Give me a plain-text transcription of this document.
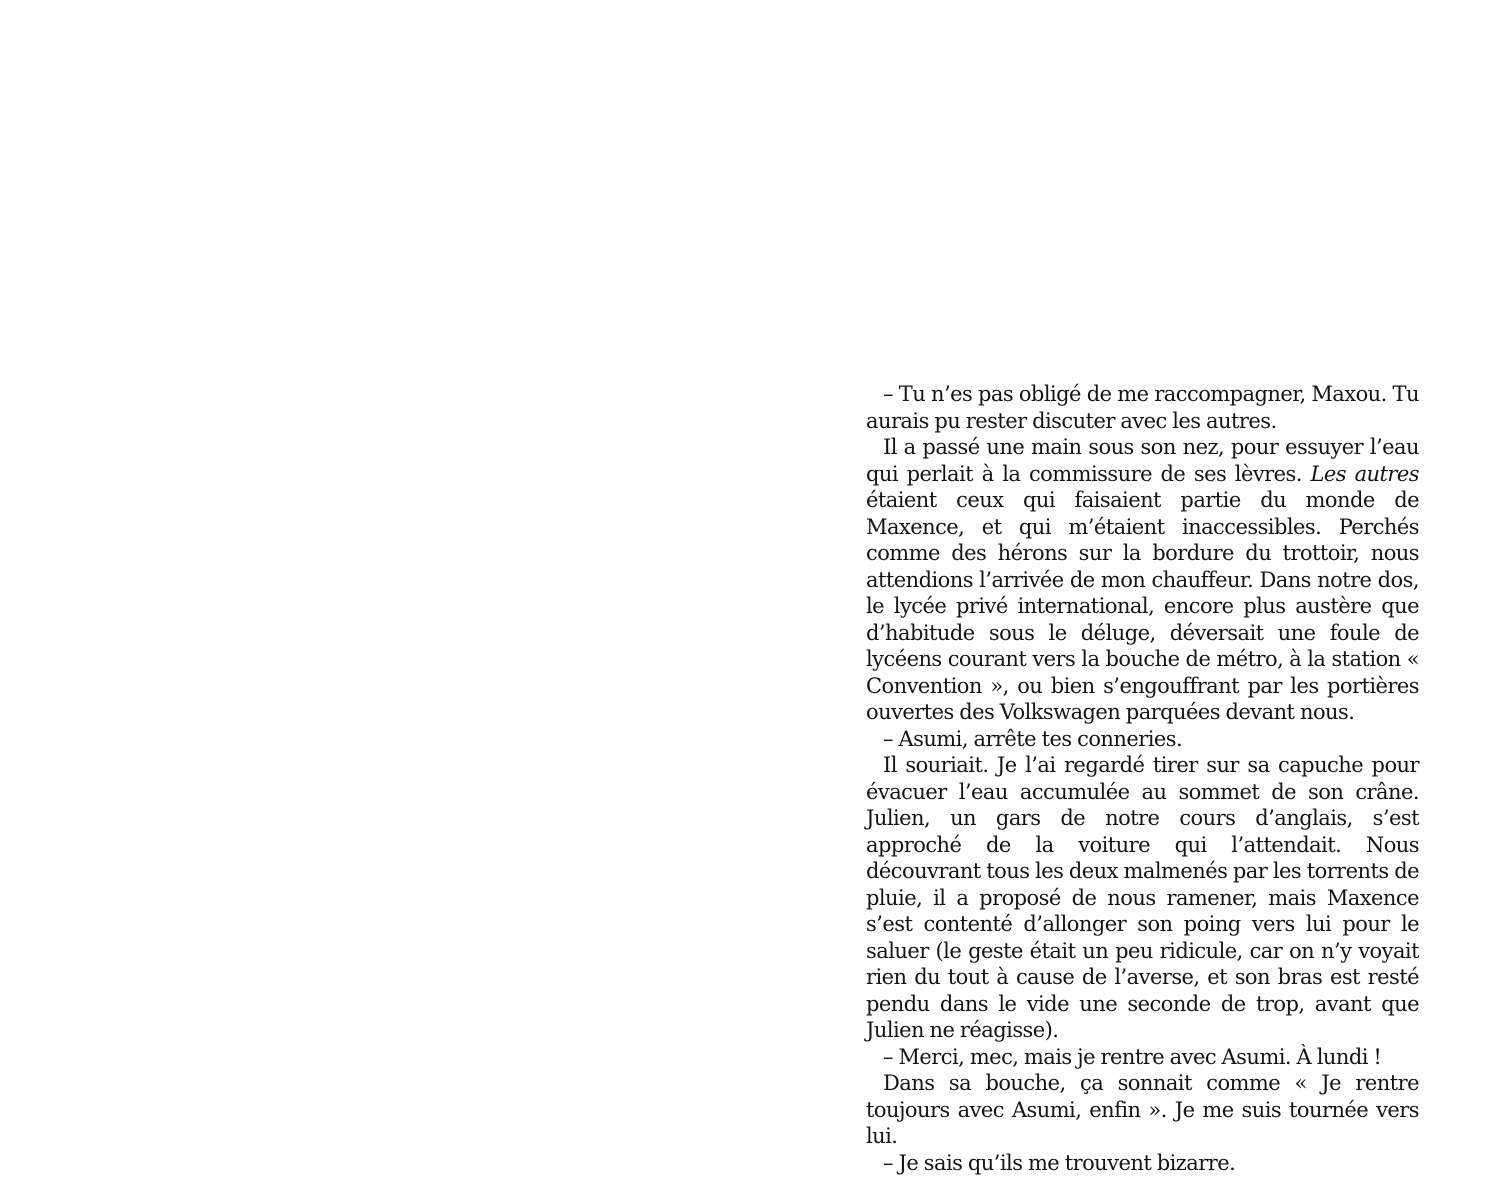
– Tu n’es pas obligé de me raccompagner, Maxou. Tu aurais pu rester discuter avec les autres.

Il a passé une main sous son nez, pour essuyer l’eau qui perlait à la commissure de ses lèvres. Les autres étaient ceux qui faisaient partie du monde de Maxence, et qui m’étaient inaccessibles. Perchés comme des hérons sur la bordure du trottoir, nous attendions l’arrivée de mon chauffeur. Dans notre dos, le lycée privé international, encore plus austère que d’habitude sous le déluge, déversait une foule de lycéens courant vers la bouche de métro, à la station « Convention », ou bien s’engouffrant par les portières ouvertes des Volkswagen parquées devant nous.

– Asumi, arrête tes conneries.

Il souriait. Je l’ai regardé tirer sur sa capuche pour évacuer l’eau accumulée au sommet de son crâne. Julien, un gars de notre cours d’anglais, s’est approché de la voiture qui l’attendait. Nous découvrant tous les deux malmenés par les torrents de pluie, il a proposé de nous ramener, mais Maxence s’est contenté d’allonger son poing vers lui pour le saluer (le geste était un peu ridicule, car on n’y voyait rien du tout à cause de l’averse, et son bras est resté pendu dans le vide une seconde de trop, avant que Julien ne réagisse).

– Merci, mec, mais je rentre avec Asumi. À lundi !

Dans sa bouche, ça sonnait comme « Je rentre toujours avec Asumi, enfin ». Je me suis tournée vers lui.

– Je sais qu’ils me trouvent bizarre.
